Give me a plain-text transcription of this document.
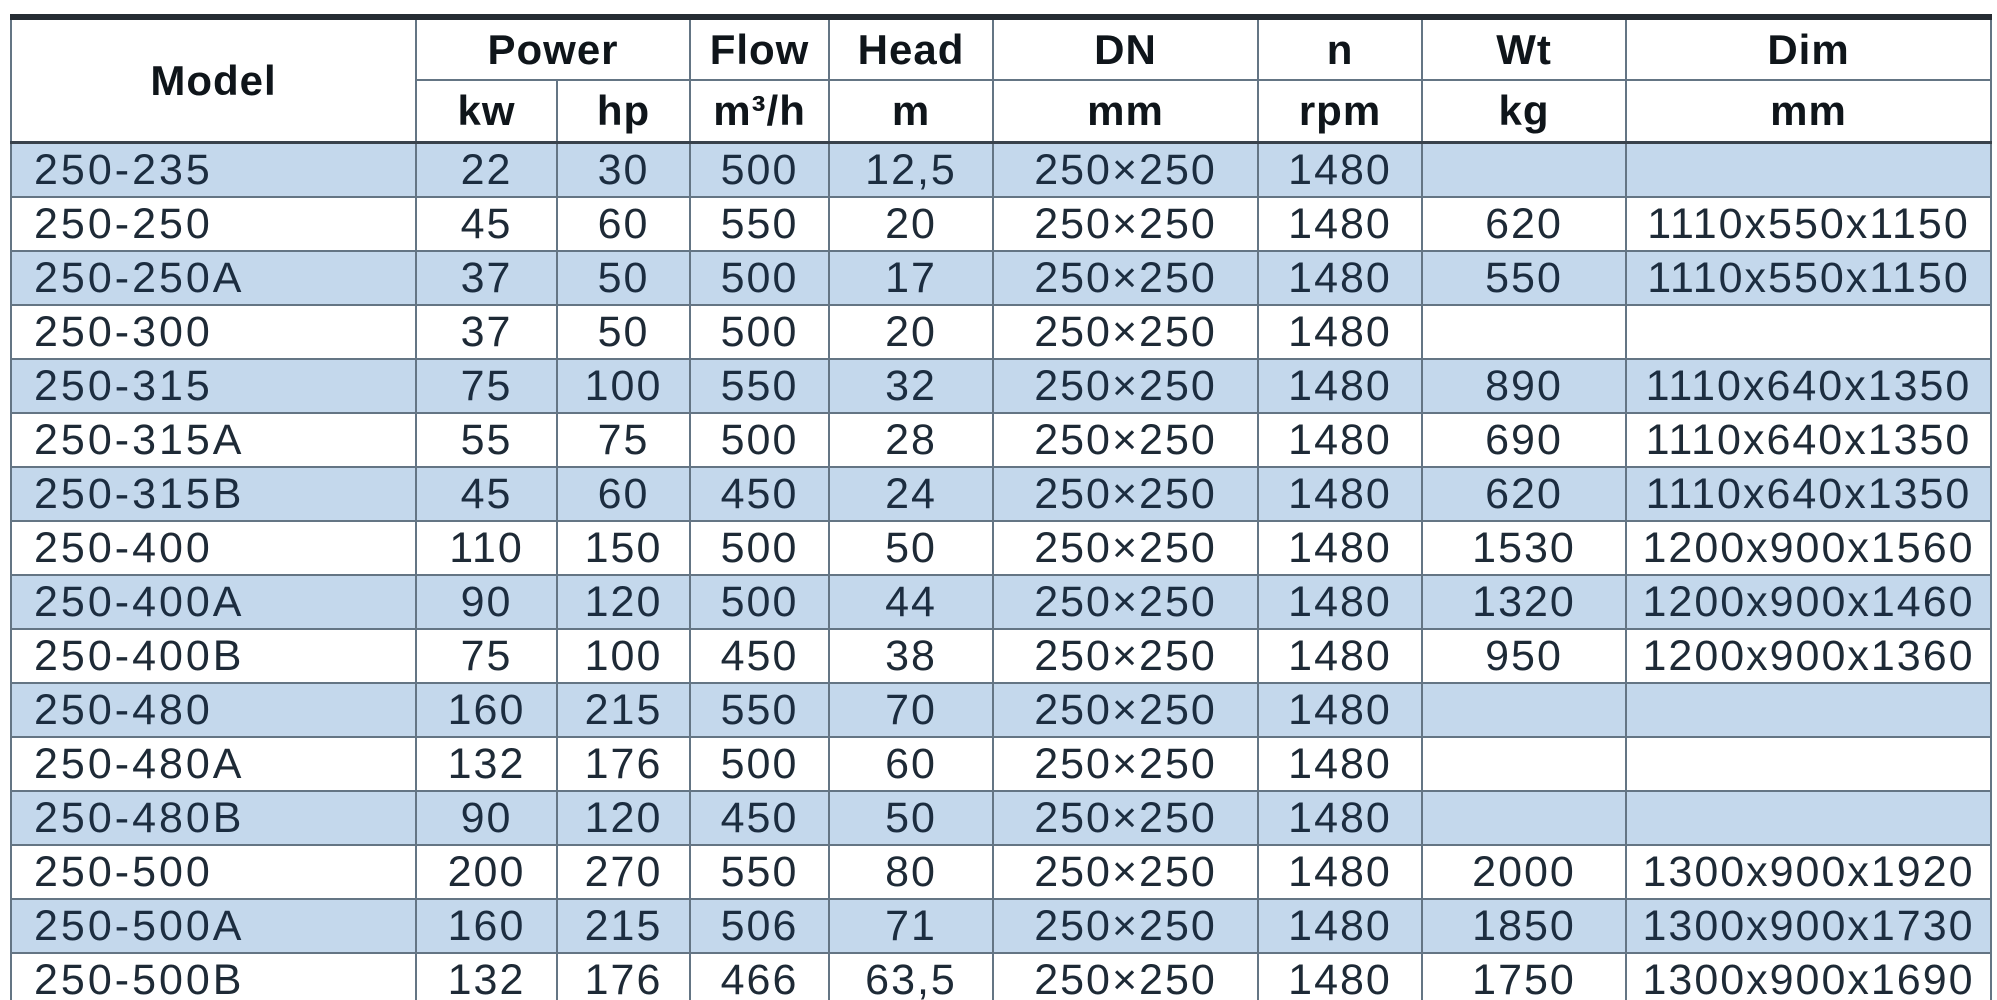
Model	Power		Flow	Head	DN	n	Wt	Dim
	kw	hp	m³/h	m	mm	rpm	kg	mm
250-235	22	30	500	12,5	250×250	1480		
250-250	45	60	550	20	250×250	1480	620	1110x550x1150
250-250A	37	50	500	17	250×250	1480	550	1110x550x1150
250-300	37	50	500	20	250×250	1480		
250-315	75	100	550	32	250×250	1480	890	1110x640x1350
250-315A	55	75	500	28	250×250	1480	690	1110x640x1350
250-315B	45	60	450	24	250×250	1480	620	1110x640x1350
250-400	110	150	500	50	250×250	1480	1530	1200x900x1560
250-400A	90	120	500	44	250×250	1480	1320	1200x900x1460
250-400B	75	100	450	38	250×250	1480	950	1200x900x1360
250-480	160	215	550	70	250×250	1480		
250-480A	132	176	500	60	250×250	1480		
250-480B	90	120	450	50	250×250	1480		
250-500	200	270	550	80	250×250	1480	2000	1300x900x1920
250-500A	160	215	506	71	250×250	1480	1850	1300x900x1730
250-500B	132	176	466	63,5	250×250	1480	1750	1300x900x1690
